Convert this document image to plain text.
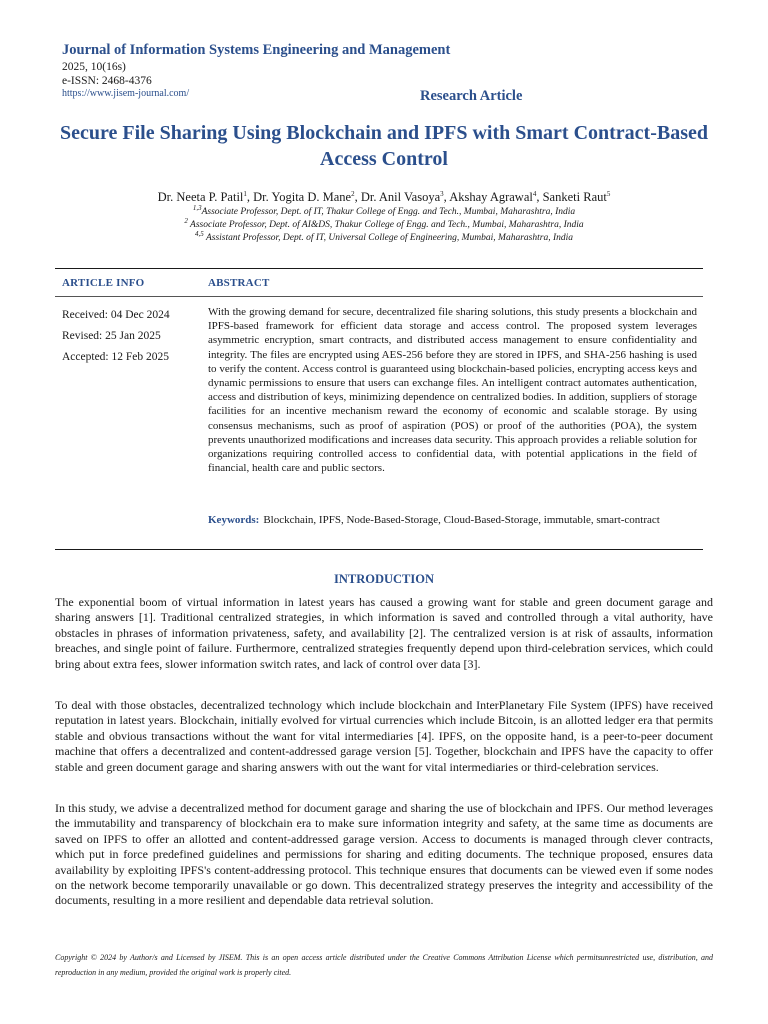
Journal of Information Systems Engineering and Management
2025, 10(16s)
e-ISSN: 2468-4376
https://www.jisem-journal.com/	Research Article
Secure File Sharing Using Blockchain and IPFS with Smart Contract-Based Access Control
Dr. Neeta P. Patil$^1$, Dr. Yogita D. Mane$^2$, Dr. Anil Vasoya$^3$, Akshay Agrawal$^4$, Sanketi Raut$^5$
$^{1,3}$Associate Professor, Dept. of IT, Thakur College of Engg. and Tech., Mumbai, Maharashtra, India
$^2$ Associate Professor, Dept. of AI&DS, Thakur College of Engg. and Tech., Mumbai, Maharashtra, India
$^{4,5}$ Assistant Professor, Dept. of IT, Universal College of Engineering, Mumbai, Maharashtra, India
ARTICLE INFO	ABSTRACT
Received: 04 Dec 2024
Revised: 25 Jan 2025
Accepted: 12 Feb 2025
With the growing demand for secure, decentralized file sharing solutions, this study presents a blockchain and IPFS-based framework for efficient data storage and access control. The proposed system leverages asymmetric encryption, smart contracts, and distributed access management to ensure confidentiality and integrity. The files are encrypted using AES-256 before they are stored in IPFS, and SHA-256 hashing is used to verify the content. Access control is guaranteed using blockchain-based policies, encrypting access keys and dynamic permissions to ensure that users can exchange files. An intelligent contract automates authentication, access and distribution of keys, minimizing dependence on centralized bodies. In addition, suppliers of storage facilities for an incentive mechanism reward the economy of economic and scalable storage. By using consensus mechanisms, such as proof of aspiration (POS) or proof of the authorities (POA), the system prevents unauthorized modifications and increases data security. This approach provides a reliable solution for organizations requiring controlled access to confidential data, with potential applications in the field of financial, health care and public sectors.
Keywords: Blockchain, IPFS, Node-Based-Storage, Cloud-Based-Storage, immutable, smart-contract
INTRODUCTION

The exponential boom of virtual information in latest years has caused a growing want for stable and green document garage and sharing answers [1]. Traditional centralized strategies, in which information is saved and controlled through a vital authority, have obstacles in phrases of information privateness, safety, and availability [2]. The centralized version is at risk of assaults, information breaches, and single point of failure. Furthermore, centralized strategies frequently depend upon third-celebration services, which could bring about extra fees, slower information switch rates, and lack of control over data [3].

To deal with those obstacles, decentralized technology which include blockchain and InterPlanetary File System (IPFS) have received reputation in latest years. Blockchain, initially evolved for virtual currencies which include Bitcoin, is an allotted ledger era that permits stable and obvious transactions without the want for vital intermediaries [4]. IPFS, on the opposite hand, is a peer-to-peer document machine that offers a decentralized and content-addressed garage version [5]. Together, blockchain and IPFS have the capacity to offer stable and green document garage and sharing answers with out the want for vital intermediaries or third-celebration services.

In this study, we advise a decentralized method for document garage and sharing the use of blockchain and IPFS. Our method leverages the immutability and transparency of blockchain era to make sure information integrity and safety, at the same time as documents are saved on IPFS to offer an allotted and content-addressed garage version. Access to documents is managed through clever contracts, which put in force predefined guidelines and permissions for sharing and editing documents. The technique proposed, ensures data availability by exploiting IPFS's content-addressing protocol. This technique ensures that documents can be viewed even if some nodes on the network become temporarily unavailable or go down. This decentralized strategy preserves the integrity and accessibility of the documents, resulting in a more resilient and dependable data retrieval solution.

Copyright © 2024 by Author/s and Licensed by JISEM. This is an open access article distributed under the Creative Commons Attribution License which permitsunrestricted use, distribution, and reproduction in any medium, provided the original work is properly cited.
